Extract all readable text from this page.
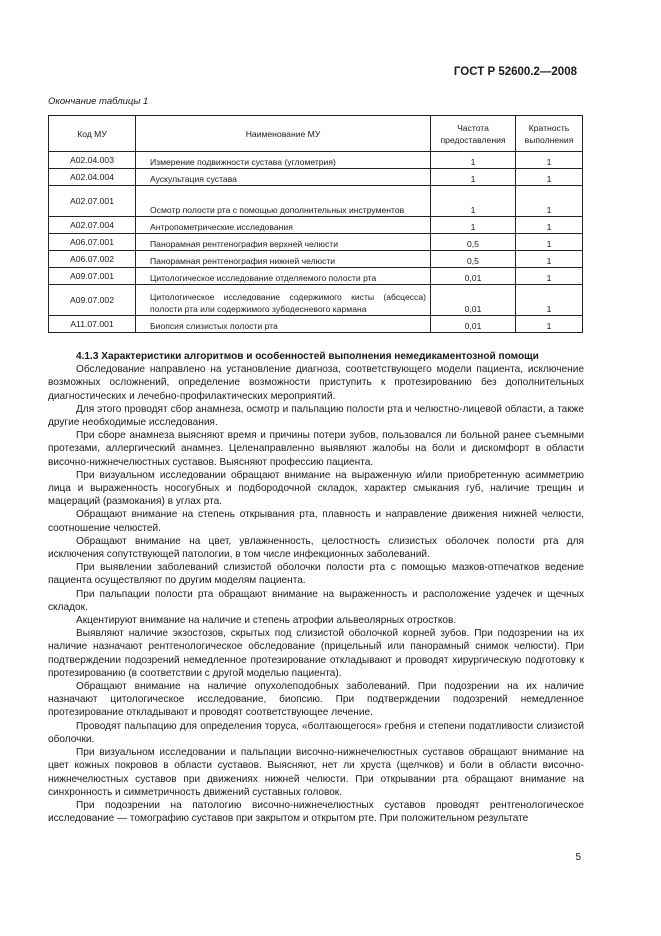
ГОСТ Р 52600.2—2008
Окончание таблицы 1
Код МУ	Наименование МУ	Частота предоставления	Кратность выполнения
A02.04.003	Измерение подвижности сустава (углометрия)	1	1
A02.04.004	Аускультация сустава	1	1
A02.07.001	Осмотр полости рта с помощью дополнительных инструментов	1	1
A02.07.004	Антропометрические исследования	1	1
A06.07.001	Панорамная рентгенография верхней челюсти	0,5	1
A06.07.002	Панорамная рентгенография нижней челюсти	0,5	1
A09.07.001	Цитологическое исследование отделяемого полости рта	0,01	1
A09.07.002	Цитологическое исследование содержимого кисты (абсцесса) полости рта или содержимого зубодесневого кармана	0,01	1
A11.07.001	Биопсия слизистых полости рта	0,01	1
4.1.3 Характеристики алгоритмов и особенностей выполнения немедикаментозной помощи

Обследование направлено на установление диагноза, соответствующего модели пациента, исключение возможных осложнений, определение возможности приступить к протезированию без дополнительных диагностических и лечебно-профилактических мероприятий.

Для этого проводят сбор анамнеза, осмотр и пальпацию полости рта и челюстно-лицевой области, а также другие необходимые исследования.

При сборе анамнеза выясняют время и причины потери зубов, пользовался ли больной ранее съемными протезами, аллергический анамнез. Целенаправленно выявляют жалобы на боли и дискомфорт в области височно-нижнечелюстных суставов. Выясняют профессию пациента.

При визуальном исследовании обращают внимание на выраженную и/или приобретенную асимметрию лица и выраженность носогубных и подбородочной складок, характер смыкания губ, наличие трещин и мацераций (размокания) в углах рта.

Обращают внимание на степень открывания рта, плавность и направление движения нижней челюсти, соотношение челюстей.

Обращают внимание на цвет, увлажненность, целостность слизистых оболочек полости рта для исключения сопутствующей патологии, в том числе инфекционных заболеваний.

При выявлении заболеваний слизистой оболочки полости рта с помощью мазков-отпечатков ведение пациента осуществляют по другим моделям пациента.

При пальпации полости рта обращают внимание на выраженность и расположение уздечек и щечных складок.

Акцентируют внимание на наличие и степень атрофии альвеолярных отростков.

Выявляют наличие экзостозов, скрытых под слизистой оболочкой корней зубов. При подозрении на их наличие назначают рентгенологическое обследование (прицельный или панорамный снимок челюсти). При подтверждении подозрений немедленное протезирование откладывают и проводят хирургическую подготовку к протезированию (в соответствии с другой моделью пациента).

Обращают внимание на наличие опухолеподобных заболеваний. При подозрении на их наличие назначают цитологическое исследование, биопсию. При подтверждении подозрений немедленное протезирование откладывают и проводят соответствующее лечение.

Проводят пальпацию для определения торуса, «болтающегося» гребня и степени податливости слизистой оболочки.

При визуальном исследовании и пальпации височно-нижнечелюстных суставов обращают внимание на цвет кожных покровов в области суставов. Выясняют, нет ли хруста (щелчков) и боли в области височно-нижнечелюстных суставов при движениях нижней челюсти. При открывании рта обращают внимание на синхронность и симметричность движений суставных головок.

При подозрении на патологию височно-нижнечелюстных суставов проводят рентгенологическое исследование — томографию суставов при закрытом и открытом рте. При положительном результате

5
